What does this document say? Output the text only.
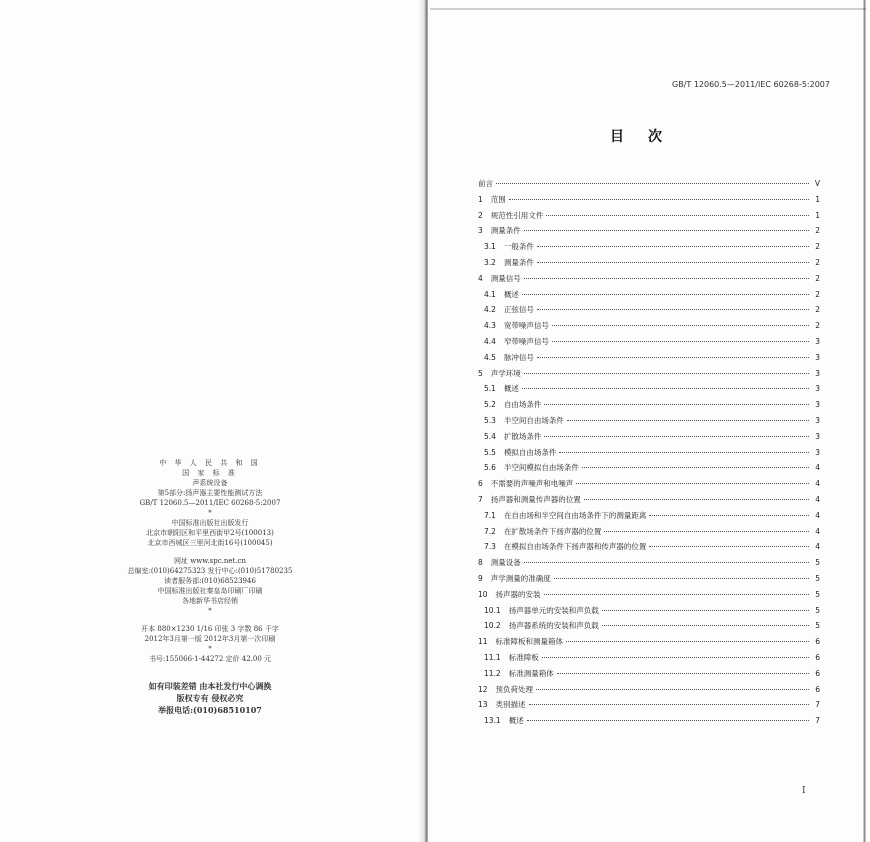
中 华 人 民 共 和 国
国 家 标 准
声系统设备
第5部分:扬声器主要性能测试方法
GB/T 12060.5—2011/IEC 60268-5:2007
*
中国标准出版社出版发行
北京市朝阳区和平里西街甲2号(100013)
北京市西城区三里河北街16号(100045)
网址 www.spc.net.cn
总编室:(010)64275323 发行中心:(010)51780235
读者服务部:(010)68523946
中国标准出版社秦皇岛印刷厂印刷
各地新华书店经销
*
开本 880×1230 1/16 印张 3 字数 86 千字
2012年3月第一版 2012年3月第一次印刷
*
书号:155066·1-44272 定价 42.00 元
如有印装差错 由本社发行中心调换
版权专有 侵权必究
举报电话:(010)68510107
GB/T 12060.5—2011/IEC 60268-5:2007
目次
前言	V
1 范围	1
2 规范性引用文件	1
3 测量条件	2
3.1 一般条件	2
3.2 测量条件	2
4 测量信号	2
4.1 概述	2
4.2 正弦信号	2
4.3 宽带噪声信号	2
4.4 窄带噪声信号	3
4.5 脉冲信号	3
5 声学环境	3
5.1 概述	3
5.2 自由场条件	3
5.3 半空间自由场条件	3
5.4 扩散场条件	3
5.5 模拟自由场条件	3
5.6 半空间模拟自由场条件	4
6 不需要的声噪声和电噪声	4
7 扬声器和测量传声器的位置	4
7.1 在自由场和半空间自由场条件下的测量距离	4
7.2 在扩散场条件下扬声器的位置	4
7.3 在模拟自由场条件下扬声器和传声器的位置	4
8 测量设备	5
9 声学测量的准确度	5
10 扬声器的安装	5
10.1 扬声器单元的安装和声负载	5
10.2 扬声器系统的安装和声负载	5
11 标准障板和测量箱体	6
11.1 标准障板	6
11.2 标准测量箱体	6
12 预负荷处理	6
13 类别描述	7
13.1 概述	7
I
